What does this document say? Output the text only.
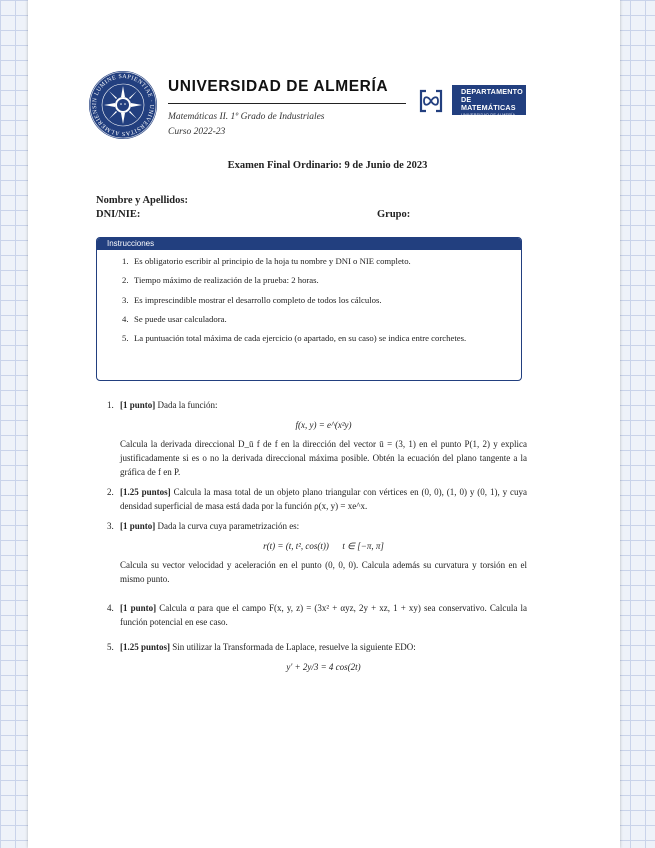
IN LUMINE SAPIENTIAE · UNIVERSITAS ALMERIENS
UNIVERSIDAD DE ALMERÍA
Matemáticas II. 1º Grado de Industriales
Curso 2022-23
DEPARTAMENTO
DE MATEMÁTICAS
UNIVERSIDAD DE ALMERÍA
Examen Final Ordinario: 9 de Junio de 2023
Nombre y Apellidos:
DNI/NIE:	Grupo:
Instrucciones
1. Es obligatorio escribir al principio de la hoja tu nombre y DNI o NIE completo.
2. Tiempo máximo de realización de la prueba: 2 horas.
3. Es imprescindible mostrar el desarrollo completo de todos los cálculos.
4. Se puede usar calculadora.
5. La puntuación total máxima de cada ejercicio (o apartado, en su caso) se indica entre corchetes.
1. [1 punto] Dada la función:
f(x, y) = e^(x²y)
Calcula la derivada direccional D_ū f de f en la dirección del vector ū = (3, 1) en el punto P(1, 2) y explica justificadamente si es o no la derivada direccional máxima posible. Obtén la ecuación del plano tangente a la gráfica de f en P.
2. [1.25 puntos] Calcula la masa total de un objeto plano triangular con vértices en (0, 0), (1, 0) y (0, 1), y cuya densidad superficial de masa está dada por la función ρ(x, y) = xe^x.
3. [1 punto] Dada la curva cuya parametrización es:
r(t) = (t, t², cos(t)) t ∈ [−π, π]
Calcula su vector velocidad y aceleración en el punto (0, 0, 0). Calcula además su curvatura y torsión en el mismo punto.
4. [1 punto] Calcula α para que el campo F(x, y, z) = (3x² + αyz, 2y + xz, 1 + xy) sea conservativo. Calcula la función potencial en ese caso.
5. [1.25 puntos] Sin utilizar la Transformada de Laplace, resuelve la siguiente EDO:
y' + 2y/3 = 4 cos(2t)
